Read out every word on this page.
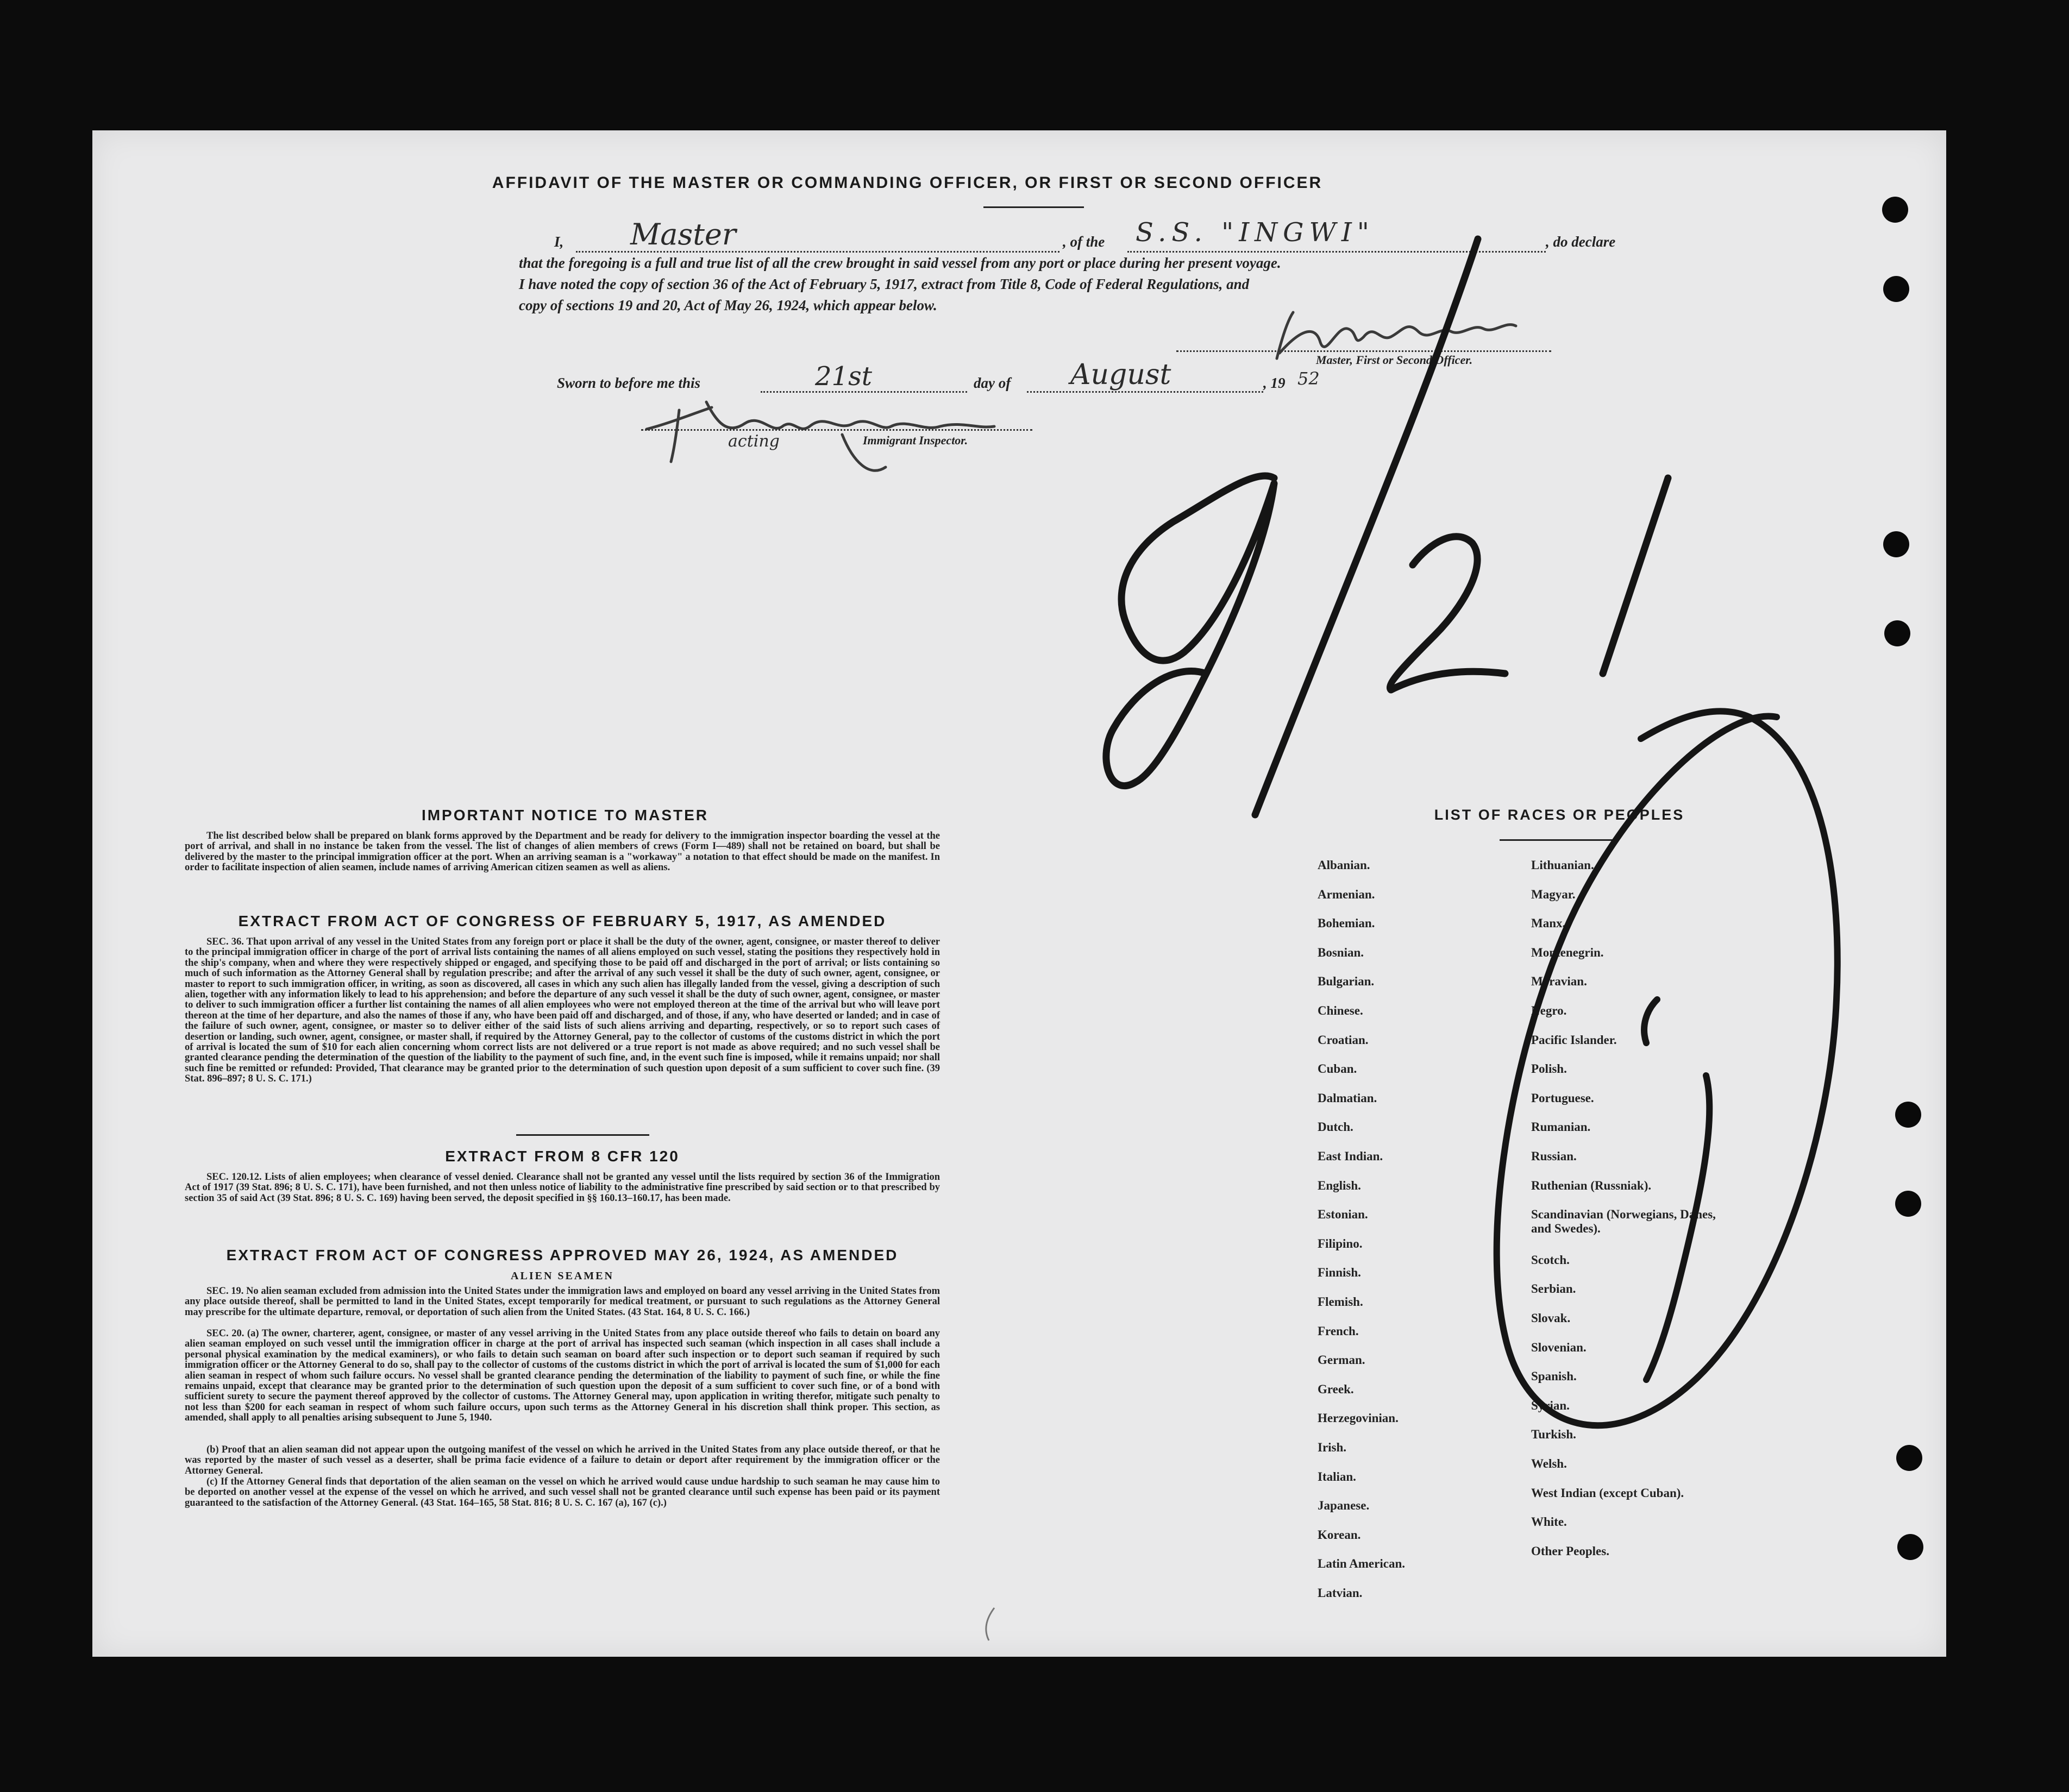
AFFIDAVIT OF THE MASTER OR COMMANDING OFFICER, OR FIRST OR SECOND OFFICER
I, Master	, of the S.S. "INGWI"	, do declare
that the foregoing is a full and true list of all the crew brought in said vessel from any port or place during her present voyage.
I have noted the copy of section 36 of the Act of February 5, 1917, extract from Title 8, Code of Federal Regulations, and
copy of sections 19 and 20, Act of May 26, 1924, which appear below.
Master, First or Second Officer.
Sworn to before me this	21st	day of August	, 19 52
acting	Immigrant Inspector.
IMPORTANT NOTICE TO MASTER
The list described below shall be prepared on blank forms approved by the Department and be ready for delivery to the immigration inspector boarding the vessel at the port of arrival, and shall in no instance be taken from the vessel. The list of changes of alien members of crews (Form I—489) shall not be retained on board, but shall be delivered by the master to the principal immigration officer at the port. When an arriving seaman is a "workaway" a notation to that effect should be made on the manifest. In order to facilitate inspection of alien seamen, include names of arriving American citizen seamen as well as aliens.
EXTRACT FROM ACT OF CONGRESS OF FEBRUARY 5, 1917, AS AMENDED
SEC. 36. That upon arrival of any vessel in the United States from any foreign port or place it shall be the duty of the owner, agent, consignee, or master thereof to deliver to the principal immigration officer in charge of the port of arrival lists containing the names of all aliens employed on such vessel, stating the positions they respectively hold in the ship's company, when and where they were respectively shipped or engaged, and specifying those to be paid off and discharged in the port of arrival; or lists containing so much of such information as the Attorney General shall by regulation prescribe; and after the arrival of any such vessel it shall be the duty of such owner, agent, consignee, or master to report to such immigration officer, in writing, as soon as discovered, all cases in which any such alien has illegally landed from the vessel, giving a description of such alien, together with any information likely to lead to his apprehension; and before the departure of any such vessel it shall be the duty of such owner, agent, consignee, or master to deliver to such immigration officer a further list containing the names of all alien employees who were not employed thereon at the time of the arrival but who will leave port thereon at the time of her departure, and also the names of those if any, who have been paid off and discharged, and of those, if any, who have deserted or landed; and in case of the failure of such owner, agent, consignee, or master so to deliver either of the said lists of such aliens arriving and departing, respectively, or so to report such cases of desertion or landing, such owner, agent, consignee, or master shall, if required by the Attorney General, pay to the collector of customs of the customs district in which the port of arrival is located the sum of $10 for each alien concerning whom correct lists are not delivered or a true report is not made as above required; and no such vessel shall be granted clearance pending the determination of the question of the liability to the payment of such fine, and, in the event such fine is imposed, while it remains unpaid; nor shall such fine be remitted or refunded: Provided, That clearance may be granted prior to the determination of such question upon deposit of a sum sufficient to cover such fine. (39 Stat. 896–897; 8 U. S. C. 171.)
EXTRACT FROM 8 CFR 120
SEC. 120.12. Lists of alien employees; when clearance of vessel denied. Clearance shall not be granted any vessel until the lists required by section 36 of the Immigration Act of 1917 (39 Stat. 896; 8 U. S. C. 171), have been furnished, and not then unless notice of liability to the administrative fine prescribed by said section or to that prescribed by section 35 of said Act (39 Stat. 896; 8 U. S. C. 169) having been served, the deposit specified in §§ 160.13–160.17, has been made.
EXTRACT FROM ACT OF CONGRESS APPROVED MAY 26, 1924, AS AMENDED
ALIEN SEAMEN
SEC. 19. No alien seaman excluded from admission into the United States under the immigration laws and employed on board any vessel arriving in the United States from any place outside thereof, shall be permitted to land in the United States, except temporarily for medical treatment, or pursuant to such regulations as the Attorney General may prescribe for the ultimate departure, removal, or deportation of such alien from the United States. (43 Stat. 164, 8 U. S. C. 166.)
SEC. 20. (a) The owner, charterer, agent, consignee, or master of any vessel arriving in the United States from any place outside thereof who fails to detain on board any alien seaman employed on such vessel until the immigration officer in charge at the port of arrival has inspected such seaman (which inspection in all cases shall include a personal physical examination by the medical examiners), or who fails to detain such seaman on board after such inspection or to deport such seaman if required by such immigration officer or the Attorney General to do so, shall pay to the collector of customs of the customs district in which the port of arrival is located the sum of $1,000 for each alien seaman in respect of whom such failure occurs. No vessel shall be granted clearance pending the determination of the liability to payment of such fine, or while the fine remains unpaid, except that clearance may be granted prior to the determination of such question upon the deposit of a sum sufficient to cover such fine, or of a bond with sufficient surety to secure the payment thereof approved by the collector of customs. The Attorney General may, upon application in writing therefor, mitigate such penalty to not less than $200 for each seaman in respect of whom such failure occurs, upon such terms as the Attorney General in his discretion shall think proper. This section, as amended, shall apply to all penalties arising subsequent to June 5, 1940.
(b) Proof that an alien seaman did not appear upon the outgoing manifest of the vessel on which he arrived in the United States from any place outside thereof, or that he was reported by the master of such vessel as a deserter, shall be prima facie evidence of a failure to detain or deport after requirement by the immigration officer or the Attorney General.
(c) If the Attorney General finds that deportation of the alien seaman on the vessel on which he arrived would cause undue hardship to such seaman he may cause him to be deported on another vessel at the expense of the vessel on which he arrived, and such vessel shall not be granted clearance until such expense has been paid or its payment guaranteed to the satisfaction of the Attorney General. (43 Stat. 164–165, 58 Stat. 816; 8 U. S. C. 167 (a), 167 (c).)
LIST OF RACES OR PEOPLES
Albanian.
Armenian.
Bohemian.
Bosnian.
Bulgarian.
Chinese.
Croatian.
Cuban.
Dalmatian.
Dutch.
East Indian.
English.
Estonian.
Filipino.
Finnish.
Flemish.
French.
German.
Greek.
Herzegovinian.
Irish.
Italian.
Japanese.
Korean.
Latin American.
Latvian.
Lithuanian.
Magyar.
Manx.
Montenegrin.
Moravian.
Negro.
Pacific Islander.
Polish.
Portuguese.
Rumanian.
Russian.
Ruthenian (Russniak).
Scandinavian (Norwegians, Danes, and Swedes).
Scotch.
Serbian.
Slovak.
Slovenian.
Spanish.
Syrian.
Turkish.
Welsh.
West Indian (except Cuban).
White.
Other Peoples.
